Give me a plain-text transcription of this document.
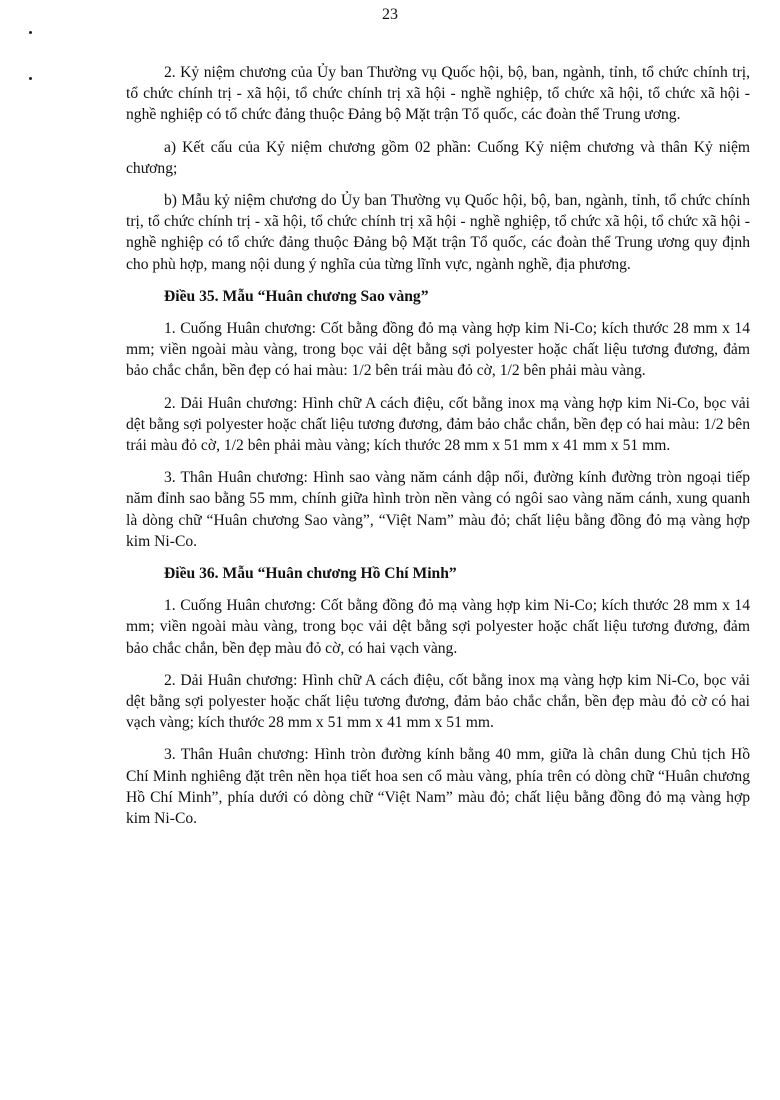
23

2. Kỷ niệm chương của Ủy ban Thường vụ Quốc hội, bộ, ban, ngành, tỉnh, tổ chức chính trị, tổ chức chính trị - xã hội, tổ chức chính trị xã hội - nghề nghiệp, tổ chức xã hội, tổ chức xã hội - nghề nghiệp có tổ chức đảng thuộc Đảng bộ Mặt trận Tổ quốc, các đoàn thể Trung ương.

a) Kết cấu của Kỷ niệm chương gồm 02 phần: Cuống Kỷ niệm chương và thân Kỷ niệm chương;

b) Mẫu kỷ niệm chương do Ủy ban Thường vụ Quốc hội, bộ, ban, ngành, tỉnh, tổ chức chính trị, tổ chức chính trị - xã hội, tổ chức chính trị xã hội - nghề nghiệp, tổ chức xã hội, tổ chức xã hội - nghề nghiệp có tổ chức đảng thuộc Đảng bộ Mặt trận Tổ quốc, các đoàn thể Trung ương quy định cho phù hợp, mang nội dung ý nghĩa của từng lĩnh vực, ngành nghề, địa phương.

Điều 35. Mẫu “Huân chương Sao vàng”

1. Cuống Huân chương: Cốt bằng đồng đỏ mạ vàng hợp kim Ni-Co; kích thước 28 mm x 14 mm; viền ngoài màu vàng, trong bọc vải dệt bằng sợi polyester hoặc chất liệu tương đương, đảm bảo chắc chắn, bền đẹp có hai màu: 1/2 bên trái màu đỏ cờ, 1/2 bên phải màu vàng.

2. Dải Huân chương: Hình chữ A cách điệu, cốt bằng inox mạ vàng hợp kim Ni-Co, bọc vải dệt bằng sợi polyester hoặc chất liệu tương đương, đảm bảo chắc chắn, bền đẹp có hai màu: 1/2 bên trái màu đỏ cờ, 1/2 bên phải màu vàng; kích thước 28 mm x 51 mm x 41 mm x 51 mm.

3. Thân Huân chương: Hình sao vàng năm cánh dập nổi, đường kính đường tròn ngoại tiếp năm đỉnh sao bằng 55 mm, chính giữa hình tròn nền vàng có ngôi sao vàng năm cánh, xung quanh là dòng chữ “Huân chương Sao vàng”, “Việt Nam” màu đỏ; chất liệu bằng đồng đỏ mạ vàng hợp kim Ni-Co.

Điều 36. Mẫu “Huân chương Hồ Chí Minh”

1. Cuống Huân chương: Cốt bằng đồng đỏ mạ vàng hợp kim Ni-Co; kích thước 28 mm x 14 mm; viền ngoài màu vàng, trong bọc vải dệt bằng sợi polyester hoặc chất liệu tương đương, đảm bảo chắc chắn, bền đẹp màu đỏ cờ, có hai vạch vàng.

2. Dải Huân chương: Hình chữ A cách điệu, cốt bằng inox mạ vàng hợp kim Ni-Co, bọc vải dệt bằng sợi polyester hoặc chất liệu tương đương, đảm bảo chắc chắn, bền đẹp màu đỏ cờ có hai vạch vàng; kích thước 28 mm x 51 mm x 41 mm x 51 mm.

3. Thân Huân chương: Hình tròn đường kính bằng 40 mm, giữa là chân dung Chủ tịch Hồ Chí Minh nghiêng đặt trên nền họa tiết hoa sen cổ màu vàng, phía trên có dòng chữ “Huân chương Hồ Chí Minh”, phía dưới có dòng chữ “Việt Nam” màu đỏ; chất liệu bằng đồng đỏ mạ vàng hợp kim Ni-Co.
